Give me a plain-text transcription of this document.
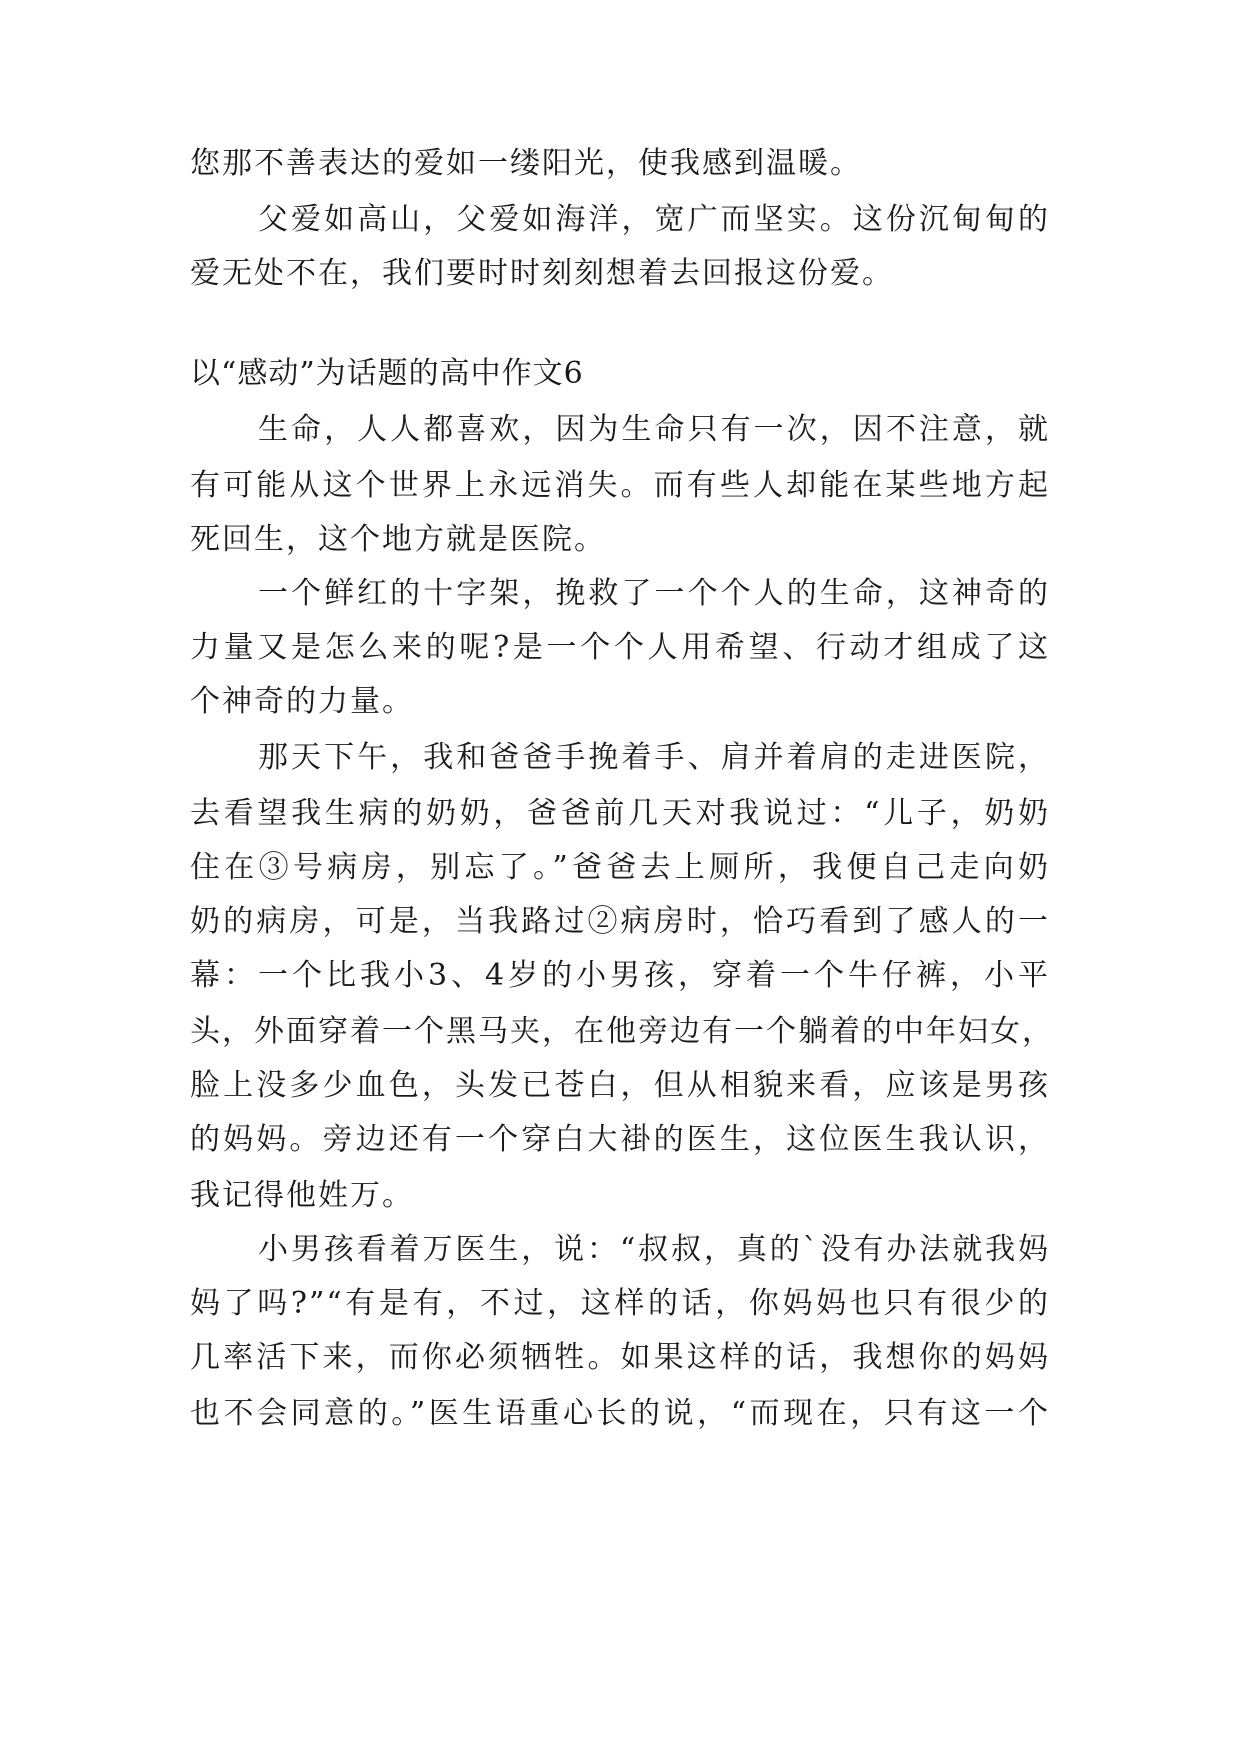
您那不善表达的爱如一缕阳光，使我感到温暖。
父爱如高山，父爱如海洋，宽广而坚实。这份沉甸甸的
爱无处不在，我们要时时刻刻想着去回报这份爱。
以“感动”为话题的高中作文6
生命，人人都喜欢，因为生命只有一次，因不注意，就
有可能从这个世界上永远消失。而有些人却能在某些地方起
死回生，这个地方就是医院。
一个鲜红的十字架，挽救了一个个人的生命，这神奇的
力量又是怎么来的呢?是一个个人用希望、行动才组成了这
个神奇的力量。
那天下午，我和爸爸手挽着手、肩并着肩的走进医院，
去看望我生病的奶奶，爸爸前几天对我说过：“儿子，奶奶
住在③号病房，别忘了。”爸爸去上厕所，我便自己走向奶
奶的病房，可是，当我路过②病房时，恰巧看到了感人的一
幕：一个比我小3、4岁的小男孩，穿着一个牛仔裤，小平
头，外面穿着一个黑马夹，在他旁边有一个躺着的中年妇女，
脸上没多少血色，头发已苍白，但从相貌来看，应该是男孩
的妈妈。旁边还有一个穿白大褂的医生，这位医生我认识，
我记得他姓万。
小男孩看着万医生，说：“叔叔，真的`没有办法就我妈
妈了吗?”“有是有，不过，这样的话，你妈妈也只有很少的
几率活下来，而你必须牺牲。如果这样的话，我想你的妈妈
也不会同意的。”医生语重心长的说，“而现在，只有这一个
